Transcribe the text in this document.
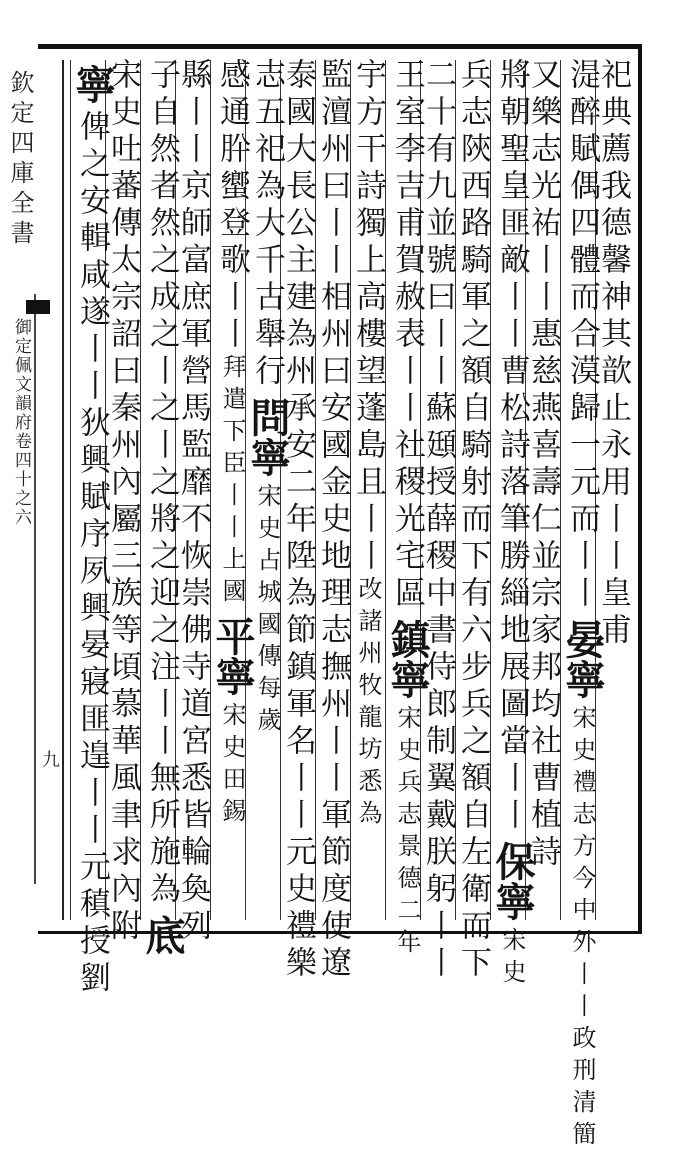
欽定四庫全書
御定佩文韻府卷四十之六
九
祀典薦我德馨神其歆止永用丨丨皇甫
湜醉賦偶四體而合漠歸一元而丨丨晏寧宋史禮志方今中外丨丨政刑清簡
又樂志光祐丨丨惠慈燕喜壽仁並宗家邦均社曹植詩
將朝聖皇匪敵丨丨曹松詩落筆勝緇地展圖當丨丨保寧宋史
兵志陝西路騎軍之額自騎射而下有六步兵之額自左衛而下
二十有九並號曰丨丨蘇頲授薛稷中書侍郎制翼戴朕躬丨丨
王室李吉甫賀赦表丨丨社稷光宅區鎮寧宋史兵志景德二年
宇方干詩獨上高樓望蓬島且丨丨改諸州牧龍坊悉為
監澶州曰丨丨相州曰安國金史地理志撫州丨丨軍節度使遼
泰國大長公主建為州承安二年陞為節鎮軍名丨丨元史禮樂
志五祀為大千古舉行問寧宋史占城國傳每歲
感通肸蠁登歌丨丨拜遣下臣丨丨上國平寧宋史田錫
縣丨丨京師富庶軍營馬監靡不恢崇佛寺道宮悉皆輪奐列
子自然者然之成之丨之丨之將之迎之注丨丨無所施為底
宋史吐蕃傳太宗詔曰秦州內屬三族等頃慕華風聿求內附
寧俾之安輯咸遂丨丨狄興賦序夙興晏寢匪遑丨丨元稹授劉
